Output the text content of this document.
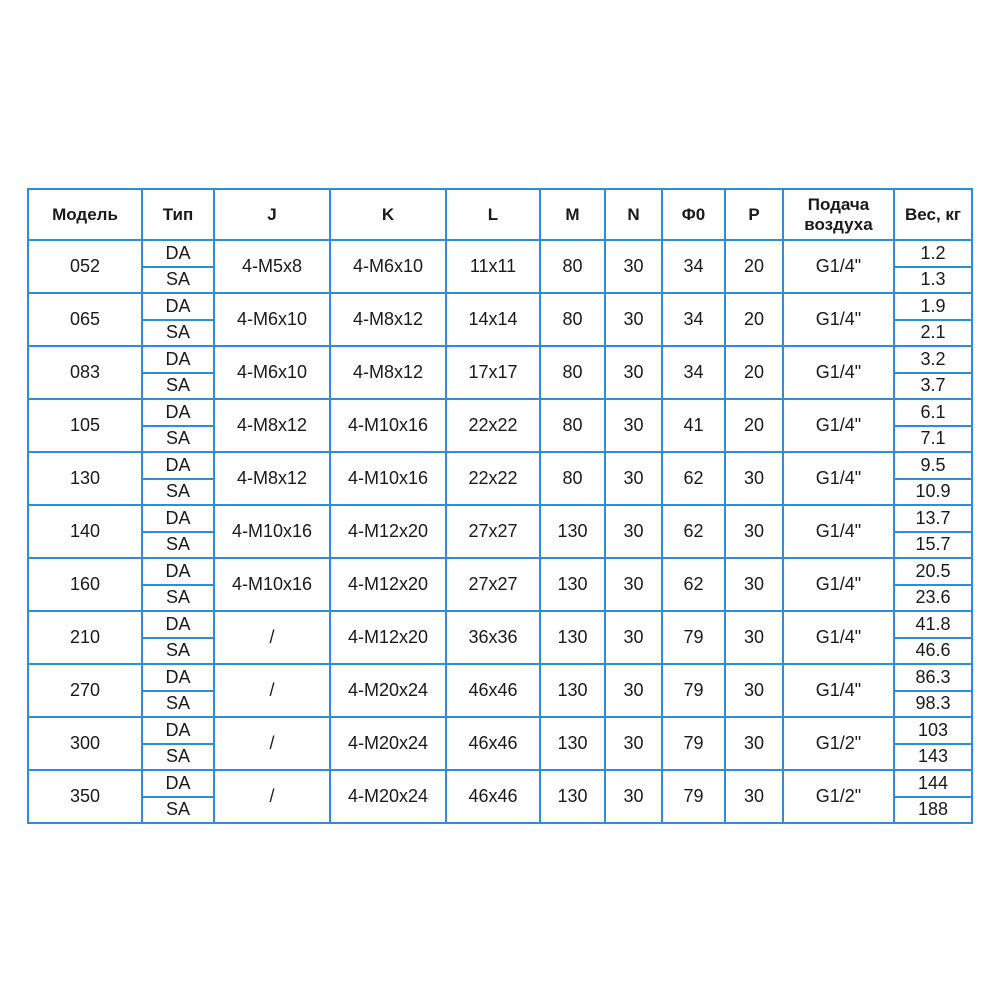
Модель	Тип	J	K	L	M	N	Φ0	P	Подача воздуха	Вес, кг
052	DA	4-M5x8	4-M6x10	11x11	80	30	34	20	G1/4"	1.2
	SA									1.3
065	DA	4-M6x10	4-M8x12	14x14	80	30	34	20	G1/4"	1.9
	SA									2.1
083	DA	4-M6x10	4-M8x12	17x17	80	30	34	20	G1/4"	3.2
	SA									3.7
105	DA	4-M8x12	4-M10x16	22x22	80	30	41	20	G1/4"	6.1
	SA									7.1
130	DA	4-M8x12	4-M10x16	22x22	80	30	62	30	G1/4"	9.5
	SA									10.9
140	DA	4-M10x16	4-M12x20	27x27	130	30	62	30	G1/4"	13.7
	SA									15.7
160	DA	4-M10x16	4-M12x20	27x27	130	30	62	30	G1/4"	20.5
	SA									23.6
210	DA	/	4-M12x20	36x36	130	30	79	30	G1/4"	41.8
	SA									46.6
270	DA	/	4-M20x24	46x46	130	30	79	30	G1/4"	86.3
	SA									98.3
300	DA	/	4-M20x24	46x46	130	30	79	30	G1/2"	103
	SA									143
350	DA	/	4-M20x24	46x46	130	30	79	30	G1/2"	144
	SA									188
